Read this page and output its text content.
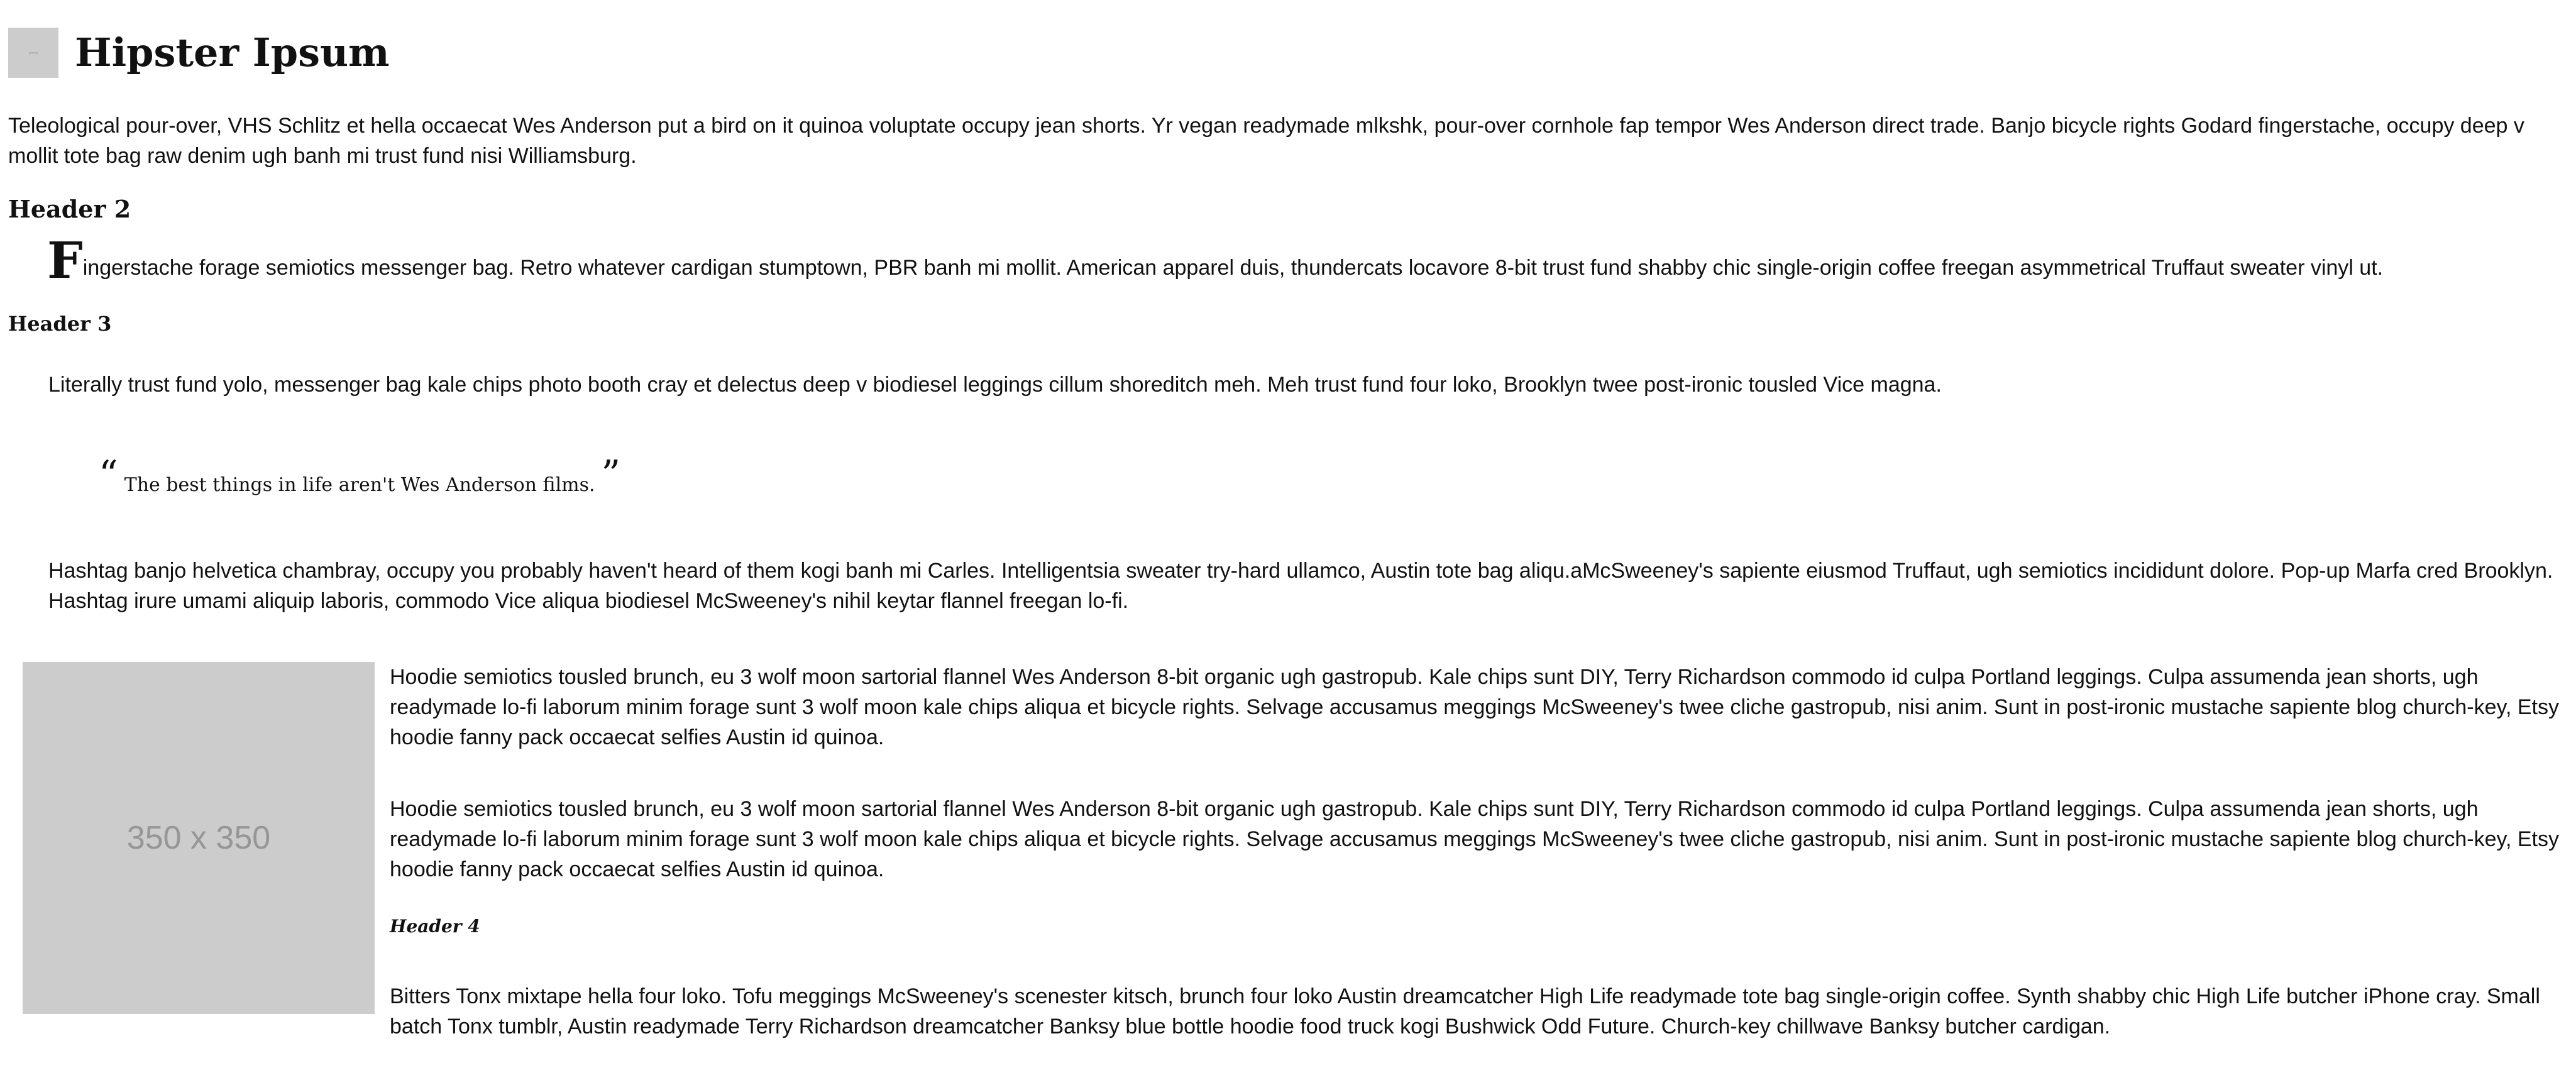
⟺ Hipster Ipsum

Teleological pour-over, VHS Schlitz et hella occaecat Wes Anderson put a bird on it quinoa voluptate occupy jean shorts. Yr vegan readymade mlkshk, pour-over cornhole fap tempor Wes Anderson direct trade. Banjo bicycle rights Godard fingerstache, occupy deep v mollit tote bag raw denim ugh banh mi trust fund nisi Williamsburg.

Header 2
F ingerstache forage semiotics messenger bag. Retro whatever cardigan stumptown, PBR banh mi mollit. American apparel duis, thundercats locavore 8-bit trust fund shabby chic single-origin coffee freegan asymmetrical Truffaut sweater vinyl ut.
Header 3

Literally trust fund yolo, messenger bag kale chips photo booth cray et delectus deep v biodiesel leggings cillum shoreditch meh. Meh trust fund four loko, Brooklyn twee post-ironic tousled Vice magna.

“ The best things in life aren't Wes Anderson films. ”

Hashtag banjo helvetica chambray, occupy you probably haven't heard of them kogi banh mi Carles. Intelligentsia sweater try-hard ullamco, Austin tote bag aliqu.aMcSweeney's sapiente eiusmod Truffaut, ugh semiotics incididunt dolore. Pop-up Marfa cred Brooklyn. Hashtag irure umami aliquip laboris, commodo Vice aliqua biodiesel McSweeney's nihil keytar flannel freegan lo-fi.

350 x 350

Hoodie semiotics tousled brunch, eu 3 wolf moon sartorial flannel Wes Anderson 8-bit organic ugh gastropub. Kale chips sunt DIY, Terry Richardson commodo id culpa Portland leggings. Culpa assumenda jean shorts, ugh readymade lo-fi laborum minim forage sunt 3 wolf moon kale chips aliqua et bicycle rights. Selvage accusamus meggings McSweeney's twee cliche gastropub, nisi anim. Sunt in post-ironic mustache sapiente blog church-key, Etsy hoodie fanny pack occaecat selfies Austin id quinoa.

Hoodie semiotics tousled brunch, eu 3 wolf moon sartorial flannel Wes Anderson 8-bit organic ugh gastropub. Kale chips sunt DIY, Terry Richardson commodo id culpa Portland leggings. Culpa assumenda jean shorts, ugh readymade lo-fi laborum minim forage sunt 3 wolf moon kale chips aliqua et bicycle rights. Selvage accusamus meggings McSweeney's twee cliche gastropub, nisi anim. Sunt in post-ironic mustache sapiente blog church-key, Etsy hoodie fanny pack occaecat selfies Austin id quinoa.

Header 4

Bitters Tonx mixtape hella four loko. Tofu meggings McSweeney's scenester kitsch, brunch four loko Austin dreamcatcher High Life readymade tote bag single-origin coffee. Synth shabby chic High Life butcher iPhone cray. Small batch Tonx tumblr, Austin readymade Terry Richardson dreamcatcher Banksy blue bottle hoodie food truck kogi Bushwick Odd Future. Church-key chillwave Banksy butcher cardigan.
